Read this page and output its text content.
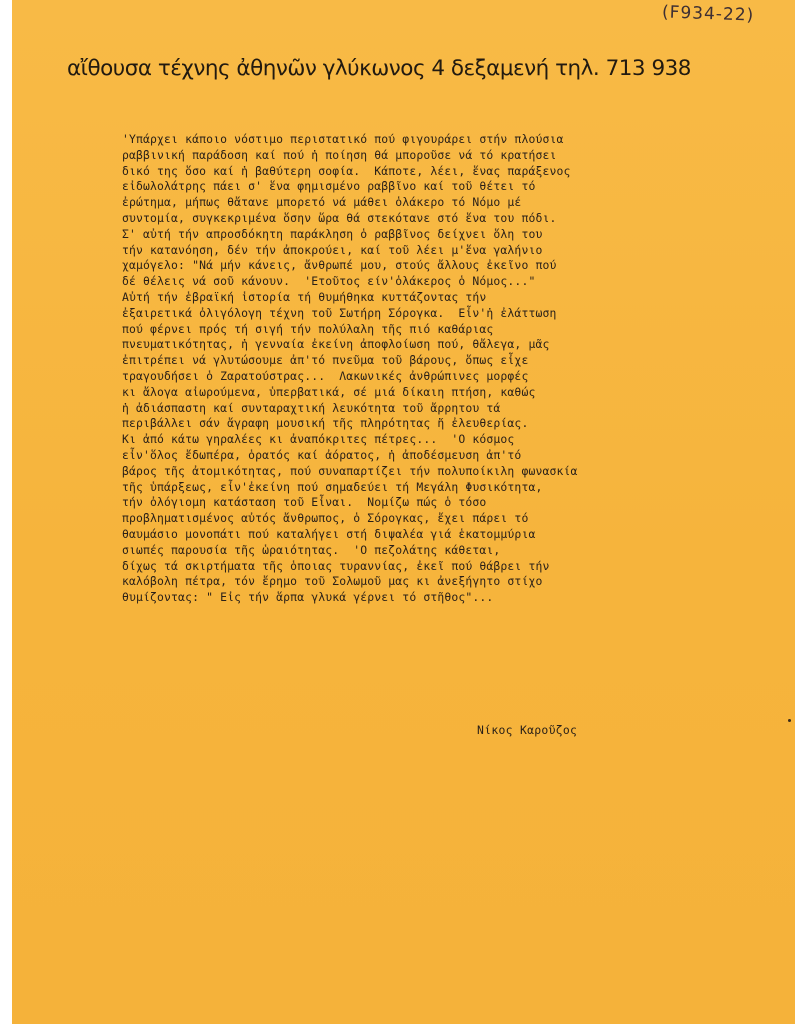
(F934-22)
αἴθουσα τέχνης ἀθηνῶν γλύκωνος 4 δεξαμενή τηλ. 713 938
'Υπάρχει κάποιο νόστιμο περιστατικό πού φιγουράρει στήν πλούσια
ραββινική παράδοση καί πού ἡ ποίηση θά μποροῦσε νά τό κρατήσει
δικό της ὅσο καί ἡ βαθύτερη σοφία.  Κάποτε, λέει, ἕνας παράξενος
εἰδωλολάτρης πάει σ' ἕνα φημισμένο ραββῖνο καί τοῦ θέτει τό
ἐρώτημα, μήπως θἄτανε μπορετό νά μάθει ὁλάκερο τό Νόμο μέ
συντομία, συγκεκριμένα ὅσην ὥρα θά στεκότανε στό ἕνα του πόδι.
Σ' αὐτή τήν απροσδόκητη παράκληση ὁ ραββῖνος δείχνει ὅλη του
τήν κατανόηση, δέν τήν ἀποκρούει, καί τοῦ λέει μ'ἕνα γαλήνιο
χαμόγελο: "Νά μήν κάνεις, ἄνθρωπέ μου, στούς ἄλλους ἐκεῖνο πού
δέ θέλεις νά σοῦ κάνουν.  'Ετοῦτος είν'ὁλάκερος ὁ Νόμος..."
Αὐτή τήν ἑβραϊκή ἱστορία τή θυμήθηκα κυττάζοντας τήν
ἐξαιρετικά ὀλιγόλογη τέχνη τοῦ Σωτήρη Σόρογκα.  Εἶν'ἡ ἐλάττωση
πού φέρνει πρός τή σιγή τήν πολύλαλη τῆς πιό καθάριας
πνευματικότητας, ἡ γενναία ἐκείνη ἀποφλοίωση πού, θἄλεγα, μᾶς
ἐπιτρέπει νά γλυτώσουμε ἀπ'τό πνεῦμα τοῦ βάρους, ὅπως εἶχε
τραγουδήσει ὁ Ζαρατούστρας...  Λακωνικές ἀνθρώπινες μορφές
κι ἄλογα αἰωρούμενα, ὑπερβατικά, σέ μιά δίκαιη πτήση, καθώς
ἡ ἀδιάσπαστη καί συνταραχτική λευκότητα τοῦ ἄρρητου τά
περιβάλλει σάν ἄγραφη μουσική τῆς πληρότητας ἤ ἐλευθερίας.
Κι ἀπό κάτω γηραλέες κι ἀναπόκριτες πέτρες...  'Ο κόσμος
εἶν'ὅλος ἔδωπέρα, ὁρατός καί ἀόρατος, ἡ ἀποδέσμευση ἀπ'τό
βάρος τῆς ἀτομικότητας, πού συναπαρτίζει τήν πολυποίκιλη φωνασκία
τῆς ὑπάρξεως, εἶν'ἐκείνη πού σημαδεύει τή Μεγάλη Φυσικότητα,
τήν ὀλόγιομη κατάσταση τοῦ Εἶναι.  Νομίζω πώς ὁ τόσο
προβληματισμένος αὐτός ἄνθρωπος, ὁ Σόρογκας, ἔχει πάρει τό
θαυμάσιο μονοπάτι πού καταλήγει στή διψαλέα γιά ἑκατομμύρια
σιωπές παρουσία τῆς ὡραιότητας.  'Ο πεζολάτης κάθεται,
δίχως τά σκιρτήματα τῆς ὁποιας τυραννίας, ἐκεῖ πού θάβρει τήν
καλόβολη πέτρα, τόν ἔρημο τοῦ Σολωμοῦ μας κι ἀνεξήγητο στίχο
θυμίζοντας: " Εἰς τήν ἅρπα γλυκά γέρνει τό στῆθος"...
Νίκος Καροῦζος
